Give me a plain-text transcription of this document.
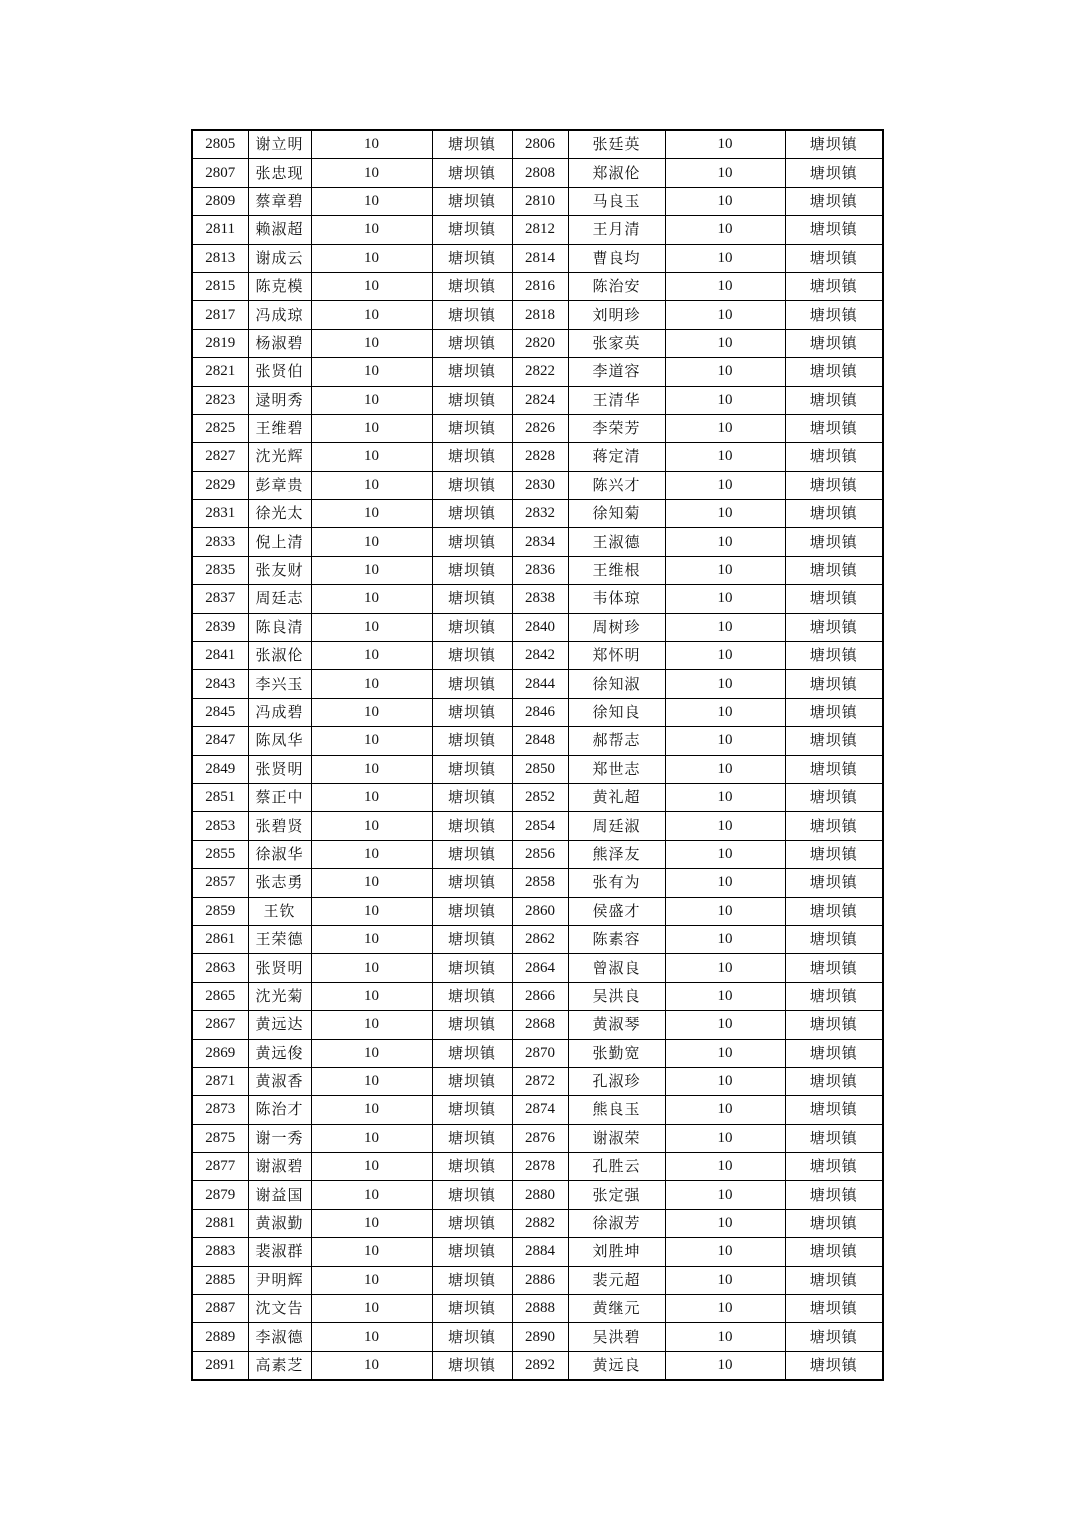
2805	谢立明	10	塘坝镇	2806	张廷英	10	塘坝镇
2807	张忠现	10	塘坝镇	2808	郑淑伦	10	塘坝镇
2809	蔡章碧	10	塘坝镇	2810	马良玉	10	塘坝镇
2811	赖淑超	10	塘坝镇	2812	王月清	10	塘坝镇
2813	谢成云	10	塘坝镇	2814	曹良均	10	塘坝镇
2815	陈克模	10	塘坝镇	2816	陈治安	10	塘坝镇
2817	冯成琼	10	塘坝镇	2818	刘明珍	10	塘坝镇
2819	杨淑碧	10	塘坝镇	2820	张家英	10	塘坝镇
2821	张贤伯	10	塘坝镇	2822	李道容	10	塘坝镇
2823	逯明秀	10	塘坝镇	2824	王清华	10	塘坝镇
2825	王维碧	10	塘坝镇	2826	李荣芳	10	塘坝镇
2827	沈光辉	10	塘坝镇	2828	蒋定清	10	塘坝镇
2829	彭章贵	10	塘坝镇	2830	陈兴才	10	塘坝镇
2831	徐光太	10	塘坝镇	2832	徐知菊	10	塘坝镇
2833	倪上清	10	塘坝镇	2834	王淑德	10	塘坝镇
2835	张友财	10	塘坝镇	2836	王维根	10	塘坝镇
2837	周廷志	10	塘坝镇	2838	韦体琼	10	塘坝镇
2839	陈良清	10	塘坝镇	2840	周树珍	10	塘坝镇
2841	张淑伦	10	塘坝镇	2842	郑怀明	10	塘坝镇
2843	李兴玉	10	塘坝镇	2844	徐知淑	10	塘坝镇
2845	冯成碧	10	塘坝镇	2846	徐知良	10	塘坝镇
2847	陈凤华	10	塘坝镇	2848	郝帮志	10	塘坝镇
2849	张贤明	10	塘坝镇	2850	郑世志	10	塘坝镇
2851	蔡正中	10	塘坝镇	2852	黄礼超	10	塘坝镇
2853	张碧贤	10	塘坝镇	2854	周廷淑	10	塘坝镇
2855	徐淑华	10	塘坝镇	2856	熊泽友	10	塘坝镇
2857	张志勇	10	塘坝镇	2858	张有为	10	塘坝镇
2859	王钦	10	塘坝镇	2860	侯盛才	10	塘坝镇
2861	王荣德	10	塘坝镇	2862	陈素容	10	塘坝镇
2863	张贤明	10	塘坝镇	2864	曾淑良	10	塘坝镇
2865	沈光菊	10	塘坝镇	2866	吴洪良	10	塘坝镇
2867	黄远达	10	塘坝镇	2868	黄淑琴	10	塘坝镇
2869	黄远俊	10	塘坝镇	2870	张勤宽	10	塘坝镇
2871	黄淑香	10	塘坝镇	2872	孔淑珍	10	塘坝镇
2873	陈治才	10	塘坝镇	2874	熊良玉	10	塘坝镇
2875	谢一秀	10	塘坝镇	2876	谢淑荣	10	塘坝镇
2877	谢淑碧	10	塘坝镇	2878	孔胜云	10	塘坝镇
2879	谢益国	10	塘坝镇	2880	张定强	10	塘坝镇
2881	黄淑勤	10	塘坝镇	2882	徐淑芳	10	塘坝镇
2883	裴淑群	10	塘坝镇	2884	刘胜坤	10	塘坝镇
2885	尹明辉	10	塘坝镇	2886	裴元超	10	塘坝镇
2887	沈文告	10	塘坝镇	2888	黄继元	10	塘坝镇
2889	李淑德	10	塘坝镇	2890	吴洪碧	10	塘坝镇
2891	高素芝	10	塘坝镇	2892	黄远良	10	塘坝镇
